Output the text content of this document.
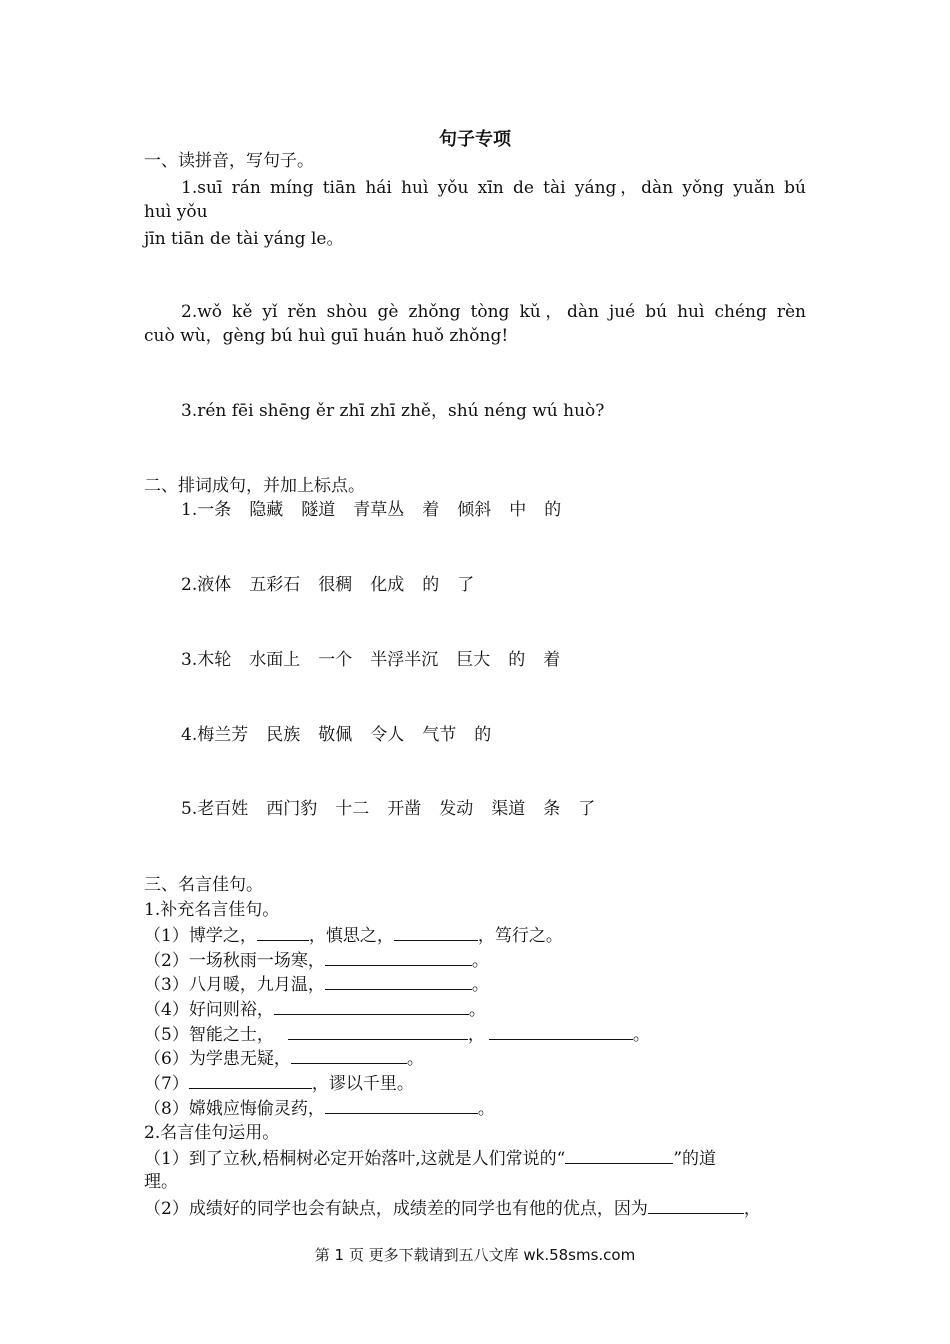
句子专项
一、读拼音，写句子。
1.suī rán míng tiān hái huì yǒu xīn de tài yáng，dàn yǒng yuǎn bú
huì yǒu
jīn tiān de tài yáng le。
2.wǒ kě yǐ rěn shòu gè zhǒng tòng kǔ，dàn jué bú huì chéng rèn
cuò wù，gèng bú huì guī huán huǒ zhǒng!
3.rén fēi shēng ěr zhī zhī zhě，shú néng wú huò?
二、排词成句，并加上标点。
1.一条 隐藏 隧道 青草丛 着 倾斜 中 的
2.液体 五彩石 很稠 化成 的 了
3.木轮 水面上 一个 半浮半沉 巨大 的 着
4.梅兰芳 民族 敬佩 令人 气节 的
5.老百姓 西门豹 十二 开凿 发动 渠道 条 了
三、名言佳句。
1.补充名言佳句。
（1）博学之，	，慎思之，	，笃行之。
（2）一场秋雨一场寒，	。
（3）八月暖，九月温，	。
（4）好问则裕，	。
（5）智能之士，	，	。
（6）为学患无疑，	。
（7）	，谬以千里。
（8）嫦娥应悔偷灵药，	。
2.名言佳句运用。
（1）到了立秋,梧桐树必定开始落叶,这就是人们常说的“	”的道
理。
（2）成绩好的同学也会有缺点，成绩差的同学也有他的优点，因为	，
第 1 页 更多下载请到五八文库 wk.58sms.com
